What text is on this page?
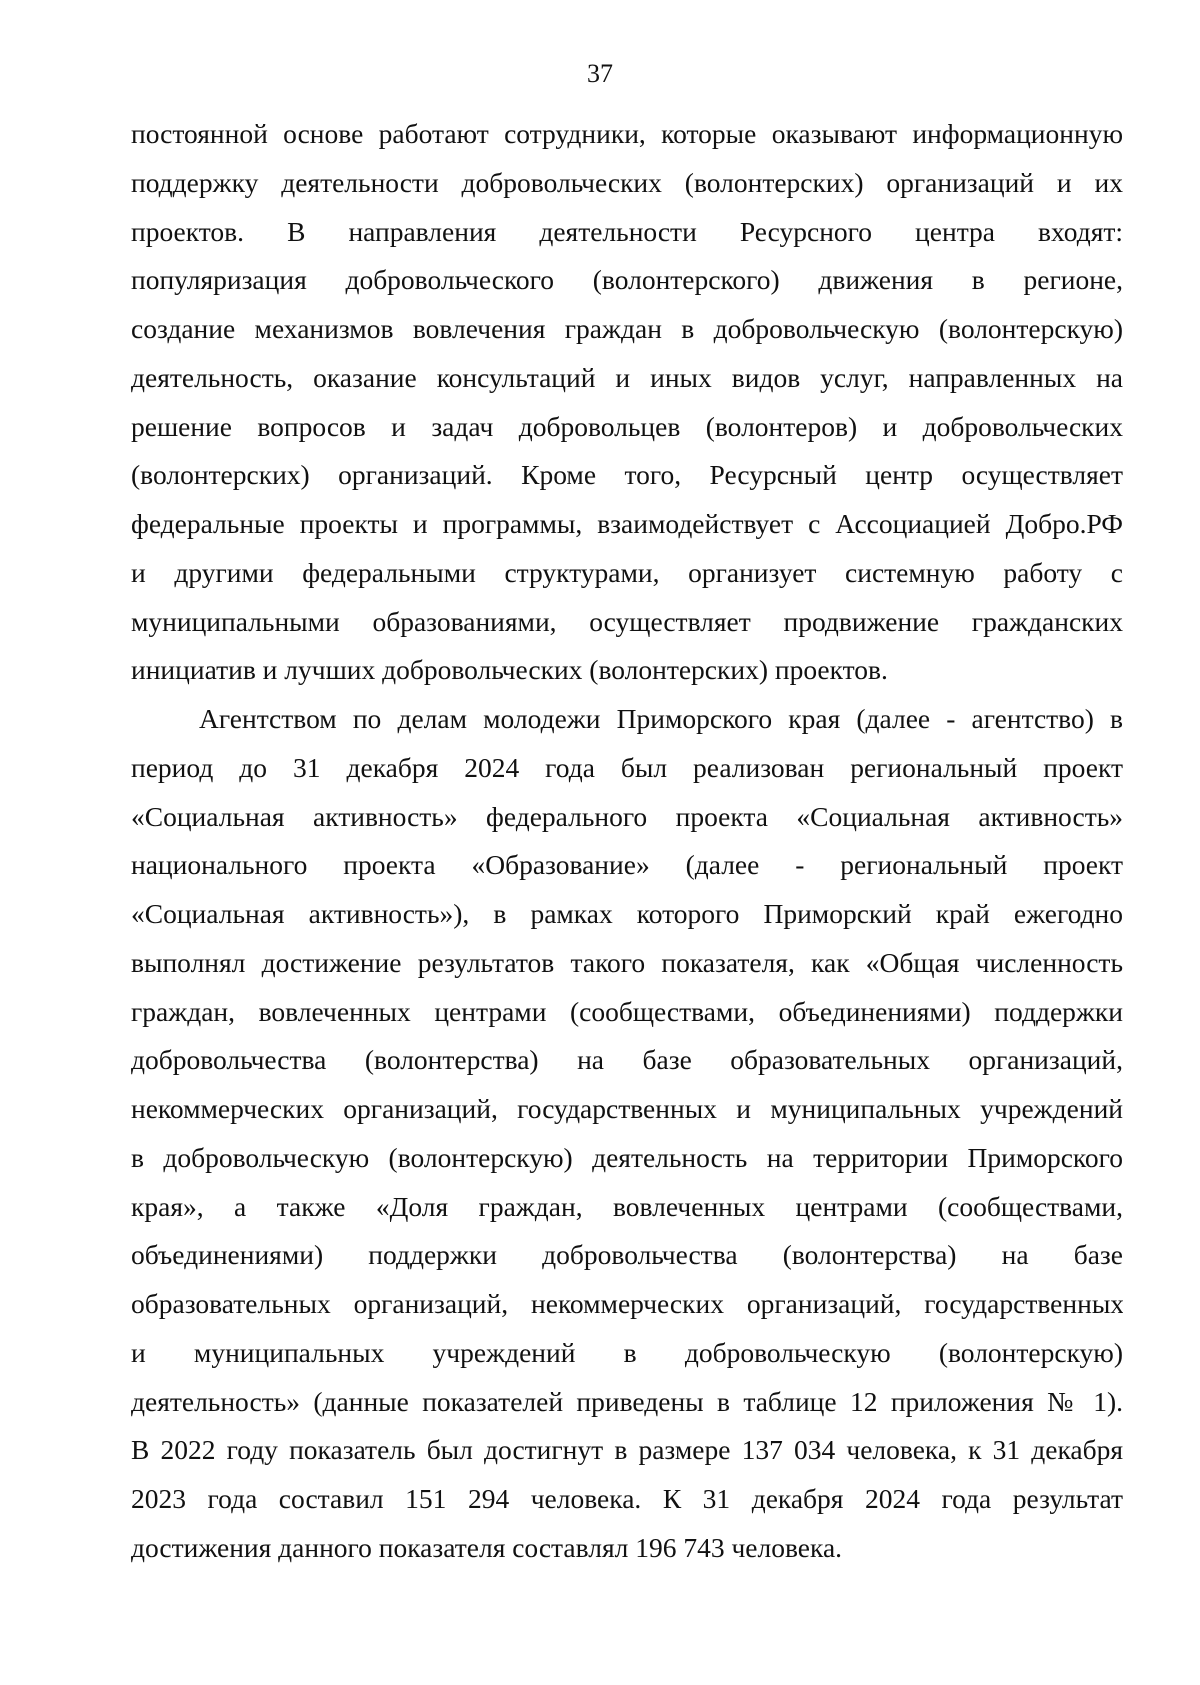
37
постоянной основе работают сотрудники, которые оказывают информационную
поддержку деятельности добровольческих (волонтерских) организаций и их
проектов. В направления деятельности Ресурсного центра входят:
популяризация добровольческого (волонтерского) движения в регионе,
создание механизмов вовлечения граждан в добровольческую (волонтерскую)
деятельность, оказание консультаций и иных видов услуг, направленных на
решение вопросов и задач добровольцев (волонтеров) и добровольческих
(волонтерских) организаций. Кроме того, Ресурсный центр осуществляет
федеральные проекты и программы, взаимодействует с Ассоциацией Добро.РФ
и другими федеральными структурами, организует системную работу с
муниципальными образованиями, осуществляет продвижение гражданских
инициатив и лучших добровольческих (волонтерских) проектов.
Агентством по делам молодежи Приморского края (далее - агентство) в
период до 31 декабря 2024 года был реализован региональный проект
«Социальная активность» федерального проекта «Социальная активность»
национального проекта «Образование» (далее - региональный проект
«Социальная активность»), в рамках которого Приморский край ежегодно
выполнял достижение результатов такого показателя, как «Общая численность
граждан, вовлеченных центрами (сообществами, объединениями) поддержки
добровольчества (волонтерства) на базе образовательных организаций,
некоммерческих организаций, государственных и муниципальных учреждений
в добровольческую (волонтерскую) деятельность на территории Приморского
края», а также «Доля граждан, вовлеченных центрами (сообществами,
объединениями) поддержки добровольчества (волонтерства) на базе
образовательных организаций, некоммерческих организаций, государственных
и муниципальных учреждений в добровольческую (волонтерскую)
деятельность» (данные показателей приведены в таблице 12 приложения № 1).
В 2022 году показатель был достигнут в размере 137 034 человека, к 31 декабря
2023 года составил 151 294 человека. К 31 декабря 2024 года результат
достижения данного показателя составлял 196 743 человека.
